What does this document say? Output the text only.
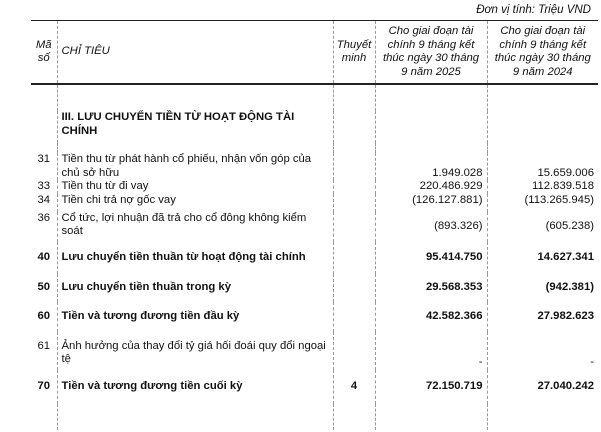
Đơn vị tính: Triệu VND
Mã số	CHỈ TIÊU	Thuyết minh	Cho giai đoạn tài chính 9 tháng kết thúc ngày 30 tháng 9 năm 2025	Cho giai đoạn tài chính 9 tháng kết thúc ngày 30 tháng 9 năm 2024

	III. LƯU CHUYỂN TIỀN TỪ HOẠT ĐỘNG TÀI CHÍNH			

31	Tiền thu từ phát hành cổ phiếu, nhận vốn góp của chủ sở hữu		1.949.028	15.659.006
33	Tiền thu từ đi vay		220.486.929	112.839.518
34	Tiền chi trả nợ gốc vay		(126.127.881)	(113.265.945)
36	Cổ tức, lợi nhuận đã trả cho cổ đông không kiểm soát		(893.326)	(605.238)
40	Lưu chuyển tiền thuần từ hoạt động tài chính		95.414.750	14.627.341
50	Lưu chuyển tiền thuần trong kỳ		29.568.353	(942.381)
60	Tiền và tương đương tiền đầu kỳ		42.582.366	27.982.623
61	Ảnh hưởng của thay đổi tỷ giá hối đoái quy đổi ngoại tệ		-	-
70	Tiền và tương đương tiền cuối kỳ	4	72.150.719	27.040.242
